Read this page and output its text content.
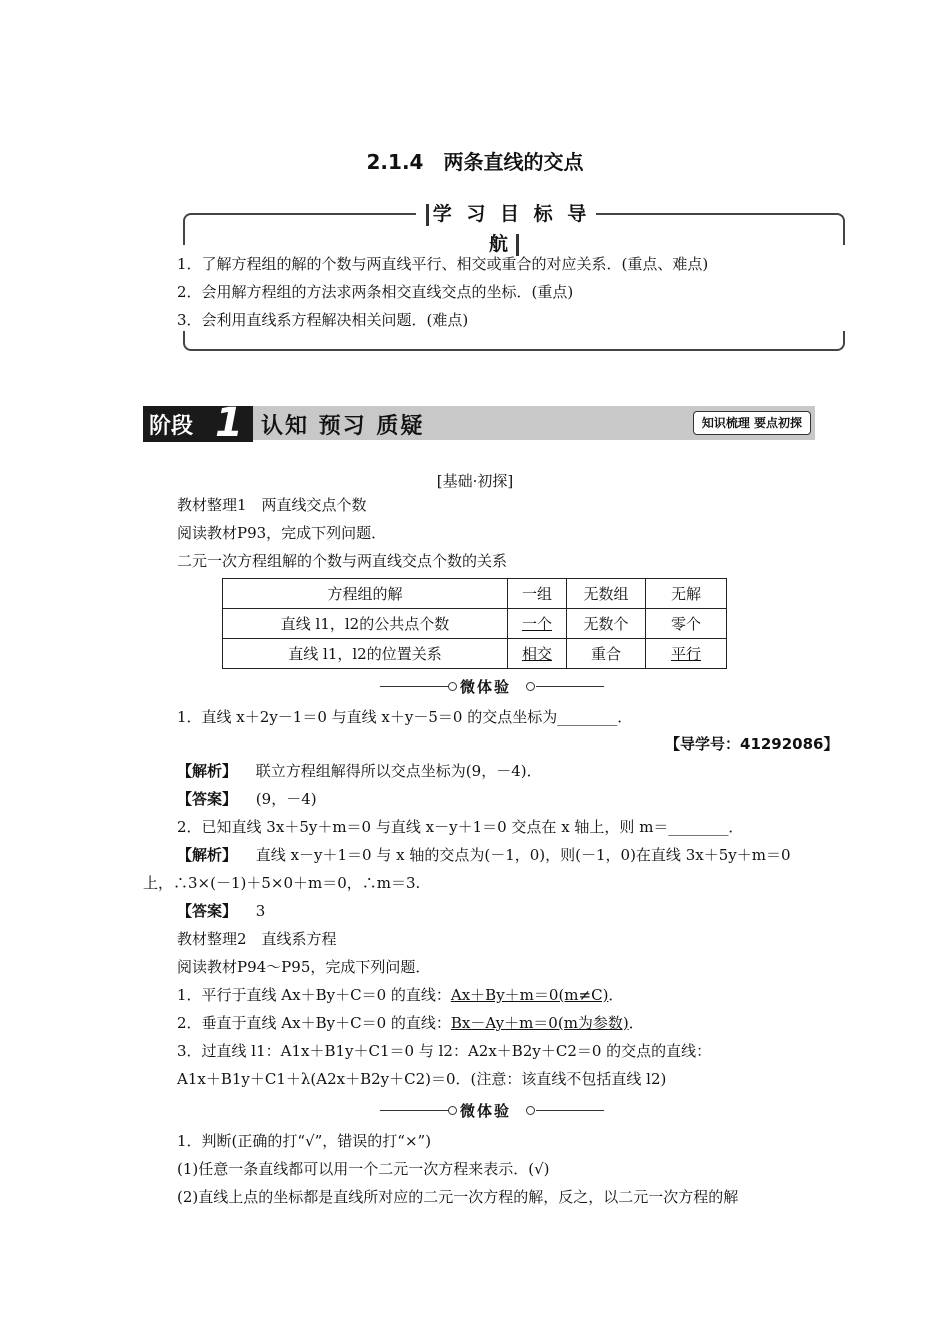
2.1.4　两条直线的交点
学 习 目 标 导 航
1．了解方程组的解的个数与两直线平行、相交或重合的对应关系．(重点、难点)
2．会用解方程组的方法求两条相交直线交点的坐标．(重点)
3．会利用直线系方程解决相关问题．(难点)
阶段 1 认知 预习 质疑	知识梳理 要点初探
[基础·初探]
教材整理1　两直线交点个数
阅读教材P93，完成下列问题．
二元一次方程组解的个数与两直线交点个数的关系
方程组的解	一组	无数组	无解
直线 l1，l2的公共点个数	一个	无数个	零个
直线 l1，l2的位置关系	相交	重合	平行
微体验
1．直线 x＋2y－1＝0 与直线 x＋y－5＝0 的交点坐标为________．
【导学号：41292086】
【解析】 联立方程组解得所以交点坐标为(9，－4)．
【答案】 (9，－4)
2．已知直线 3x＋5y＋m＝0 与直线 x－y＋1＝0 交点在 x 轴上，则 m＝________．
【解析】 直线 x－y＋1＝0 与 x 轴的交点为(－1，0)，则(－1，0)在直线 3x＋5y＋m＝0
上，∴3×(－1)＋5×0＋m＝0，∴m＝3.
【答案】 3
教材整理2　直线系方程
阅读教材P94～P95，完成下列问题．
1．平行于直线 Ax＋By＋C＝0 的直线：Ax＋By＋m＝0(m≠C)．
2．垂直于直线 Ax＋By＋C＝0 的直线：Bx－Ay＋m＝0(m为参数)．
3．过直线 l1：A1x＋B1y＋C1＝0 与 l2：A2x＋B2y＋C2＝0 的交点的直线：
A1x＋B1y＋C1＋λ(A2x＋B2y＋C2)＝0．(注意：该直线不包括直线 l2)
微体验
1．判断(正确的打“√”，错误的打“×”)
(1)任意一条直线都可以用一个二元一次方程来表示．(√)
(2)直线上点的坐标都是直线所对应的二元一次方程的解，反之，以二元一次方程的解
